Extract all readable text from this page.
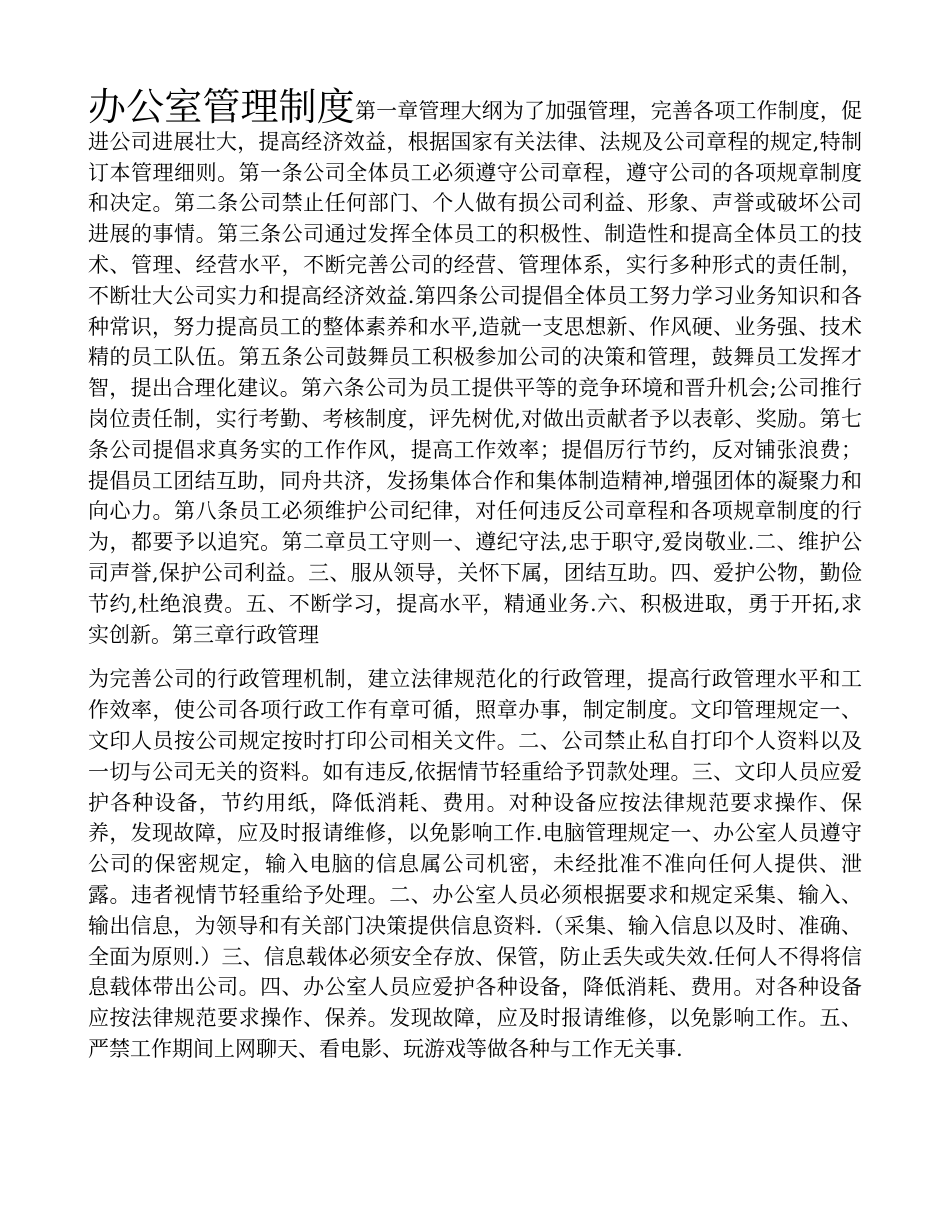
办公室管理制度第一章管理大纲为了加强管理，完善各项工作制度，促进公司进展壮大，提高经济效益，根据国家有关法律、法规及公司章程的规定,特制订本管理细则。第一条公司全体员工必须遵守公司章程，遵守公司的各项规章制度和决定。第二条公司禁止任何部门、个人做有损公司利益、形象、声誉或破坏公司进展的事情。第三条公司通过发挥全体员工的积极性、制造性和提高全体员工的技术、管理、经营水平，不断完善公司的经营、管理体系，实行多种形式的责任制，不断壮大公司实力和提高经济效益.第四条公司提倡全体员工努力学习业务知识和各种常识，努力提高员工的整体素养和水平,造就一支思想新、作风硬、业务强、技术精的员工队伍。第五条公司鼓舞员工积极参加公司的决策和管理，鼓舞员工发挥才智，提出合理化建议。第六条公司为员工提供平等的竞争环境和晋升机会;公司推行岗位责任制，实行考勤、考核制度，评先树优,对做出贡献者予以表彰、奖励。第七条公司提倡求真务实的工作作风，提高工作效率；提倡厉行节约，反对铺张浪费；提倡员工团结互助，同舟共济，发扬集体合作和集体制造精神,增强团体的凝聚力和向心力。第八条员工必须维护公司纪律，对任何违反公司章程和各项规章制度的行为，都要予以追究。第二章员工守则一、遵纪守法,忠于职守,爱岗敬业.二、维护公司声誉,保护公司利益。三、服从领导，关怀下属，团结互助。四、爱护公物，勤俭节约,杜绝浪费。五、不断学习，提高水平，精通业务.六、积极进取，勇于开拓,求实创新。第三章行政管理

为完善公司的行政管理机制，建立法律规范化的行政管理，提高行政管理水平和工作效率，使公司各项行政工作有章可循，照章办事，制定制度。文印管理规定一、文印人员按公司规定按时打印公司相关文件。二、公司禁止私自打印个人资料以及一切与公司无关的资料。如有违反,依据情节轻重给予罚款处理。三、文印人员应爱护各种设备，节约用纸，降低消耗、费用。对种设备应按法律规范要求操作、保养，发现故障，应及时报请维修，以免影响工作.电脑管理规定一、办公室人员遵守公司的保密规定，输入电脑的信息属公司机密，未经批准不准向任何人提供、泄露。违者视情节轻重给予处理。二、办公室人员必须根据要求和规定采集、输入、输出信息，为领导和有关部门决策提供信息资料.（采集、输入信息以及时、准确、全面为原则.）三、信息载体必须安全存放、保管，防止丢失或失效.任何人不得将信息载体带出公司。四、办公室人员应爱护各种设备，降低消耗、费用。对各种设备应按法律规范要求操作、保养。发现故障，应及时报请维修，以免影响工作。五、严禁工作期间上网聊天、看电影、玩游戏等做各种与工作无关事.
